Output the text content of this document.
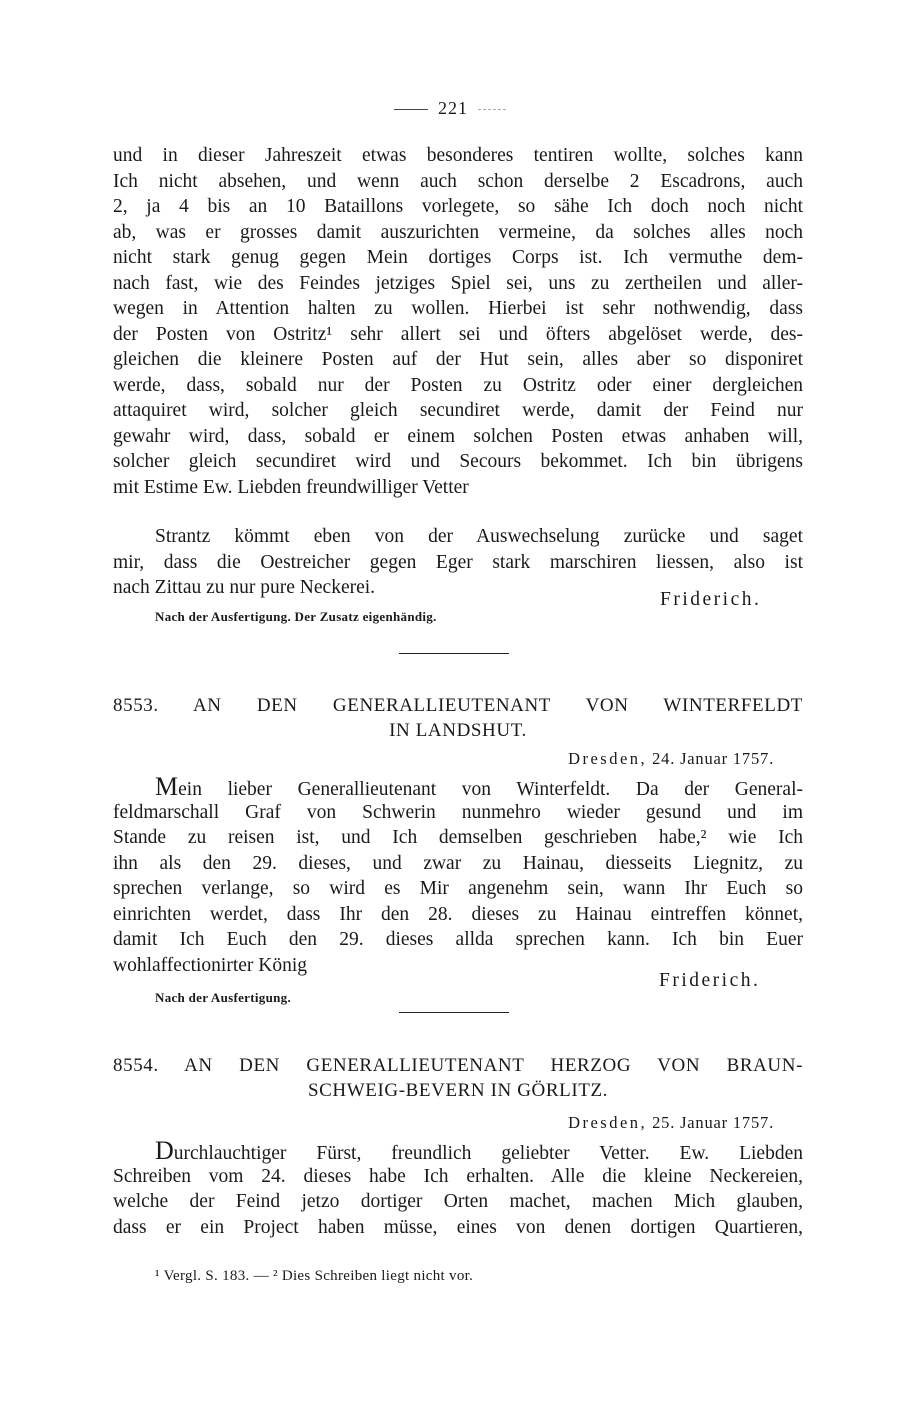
221
und in dieser Jahreszeit etwas besonderes tentiren wollte, solches kann
Ich nicht absehen, und wenn auch schon derselbe 2 Escadrons, auch
2, ja 4 bis an 10 Bataillons vorlegete, so sähe Ich doch noch nicht
ab, was er grosses damit auszurichten vermeine, da solches alles noch
nicht stark genug gegen Mein dortiges Corps ist. Ich vermuthe dem-
nach fast, wie des Feindes jetziges Spiel sei, uns zu zertheilen und aller-
wegen in Attention halten zu wollen. Hierbei ist sehr nothwendig, dass
der Posten von Ostritz¹ sehr allert sei und öfters abgelöset werde, des-
gleichen die kleinere Posten auf der Hut sein, alles aber so disponiret
werde, dass, sobald nur der Posten zu Ostritz oder einer dergleichen
attaquiret wird, solcher gleich secundiret werde, damit der Feind nur
gewahr wird, dass, sobald er einem solchen Posten etwas anhaben will,
solcher gleich secundiret wird und Secours bekommet. Ich bin übrigens
mit Estime Ew. Liebden freundwilliger Vetter
Strantz kömmt eben von der Auswechselung zurücke und saget
mir, dass die Oestreicher gegen Eger stark marschiren liessen, also ist
nach Zittau zu nur pure Neckerei.
Friderich.
Nach der Ausfertigung. Der Zusatz eigenhändig.
8553. AN DEN GENERALLIEUTENANT VON WINTERFELDT
IN LANDSHUT.
Dresden, 24. Januar 1757.
Mein lieber Generallieutenant von Winterfeldt. Da der General-
feldmarschall Graf von Schwerin nunmehro wieder gesund und im
Stande zu reisen ist, und Ich demselben geschrieben habe,² wie Ich
ihn als den 29. dieses, und zwar zu Hainau, diesseits Liegnitz, zu
sprechen verlange, so wird es Mir angenehm sein, wann Ihr Euch so
einrichten werdet, dass Ihr den 28. dieses zu Hainau eintreffen könnet,
damit Ich Euch den 29. dieses allda sprechen kann. Ich bin Euer
wohlaffectionirter König
Friderich.
Nach der Ausfertigung.
8554. AN DEN GENERALLIEUTENANT HERZOG VON BRAUN-
SCHWEIG-BEVERN IN GÖRLITZ.
Dresden, 25. Januar 1757.
Durchlauchtiger Fürst, freundlich geliebter Vetter. Ew. Liebden
Schreiben vom 24. dieses habe Ich erhalten. Alle die kleine Neckereien,
welche der Feind jetzo dortiger Orten machet, machen Mich glauben,
dass er ein Project haben müsse, eines von denen dortigen Quartieren,
¹ Vergl. S. 183. — ² Dies Schreiben liegt nicht vor.
